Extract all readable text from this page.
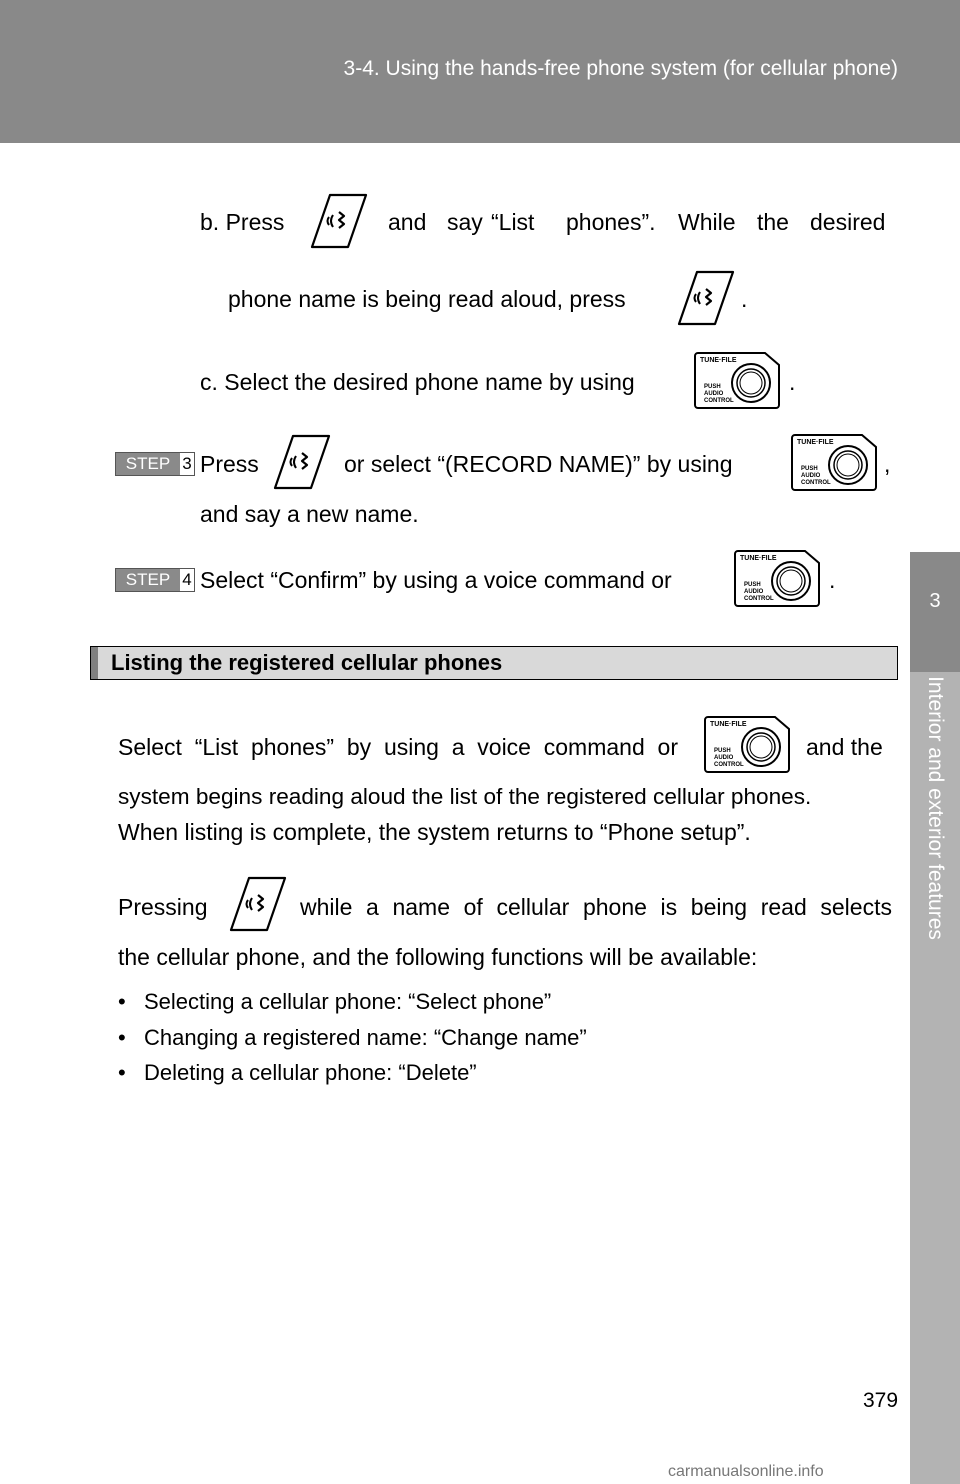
3-4. Using the hands-free phone system (for cellular phone)
3
Interior and exterior features
b. Press	and say “List phones”. While the desired
phone name is being read aloud, press	.
c. Select the desired phone name by using
TUNE·FILE
PUSH
AUDIO
CONTROL
.
STEP 3 Press	or select “(RECORD NAME)” by using
TUNE·FILE
PUSH
AUDIO
CONTROL
,
and say a new name.
STEP 4 Select “Confirm” by using a voice command or
TUNE·FILE
PUSH
AUDIO
CONTROL
.
Listing the registered cellular phones
Select “List phones” by using a voice command or
TUNE·FILE
PUSH
AUDIO
CONTROL
and the
system begins reading aloud the list of the registered cellular phones.
When listing is complete, the system returns to “Phone setup”.
Pressing	while a name of cellular phone is being read selects
the cellular phone, and the following functions will be available:
• Selecting a cellular phone: “Select phone”
• Changing a registered name: “Change name”
• Deleting a cellular phone: “Delete”
379
carmanualsonline.info
